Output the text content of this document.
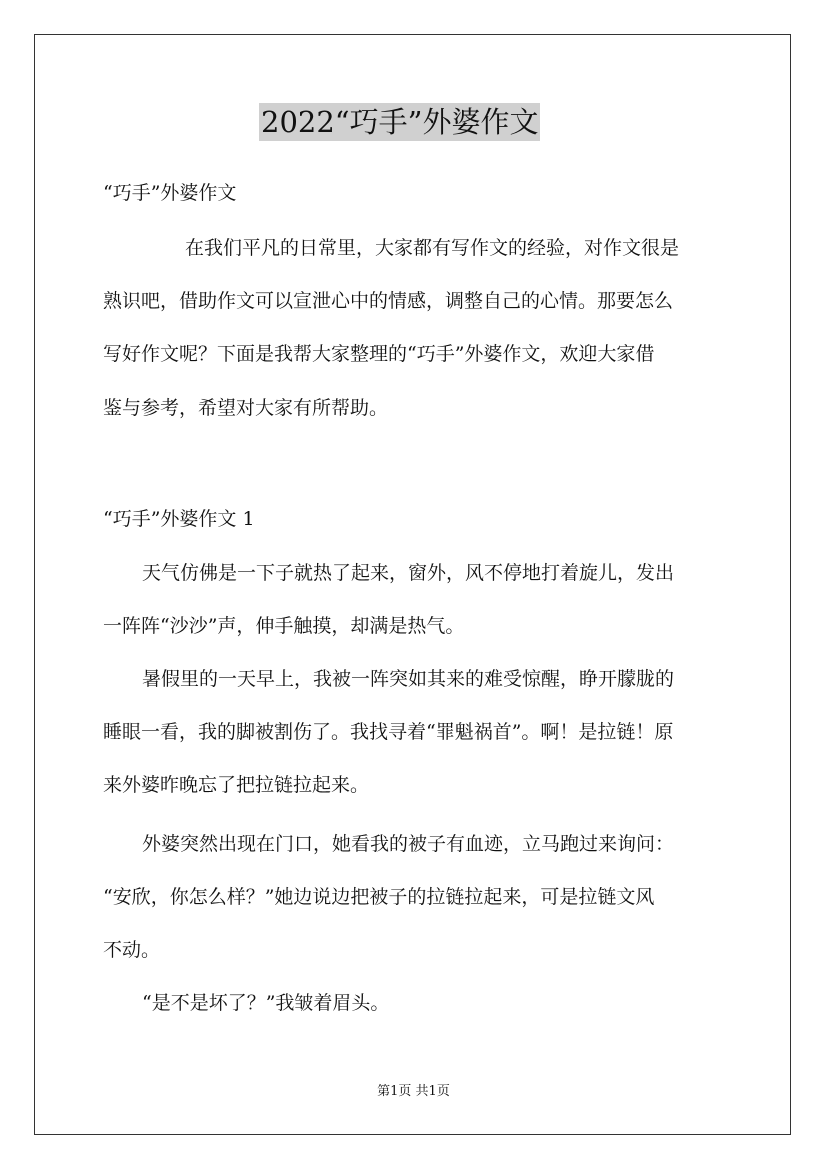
2022“巧手”外婆作文
“巧手”外婆作文
在我们平凡的日常里，大家都有写作文的经验，对作文很是
熟识吧，借助作文可以宣泄心中的情感，调整自己的心情。那要怎么
写好作文呢？下面是我帮大家整理的“巧手”外婆作文，欢迎大家借
鉴与参考，希望对大家有所帮助。
“巧手”外婆作文 1
天气仿佛是一下子就热了起来，窗外，风不停地打着旋儿，发出
一阵阵“沙沙”声，伸手触摸，却满是热气。
暑假里的一天早上，我被一阵突如其来的难受惊醒，睁开朦胧的
睡眼一看，我的脚被割伤了。我找寻着“罪魁祸首”。啊！是拉链！原
来外婆昨晚忘了把拉链拉起来。
外婆突然出现在门口，她看我的被子有血迹，立马跑过来询问：
“安欣，你怎么样？”她边说边把被子的拉链拉起来，可是拉链文风
不动。
“是不是坏了？”我皱着眉头。
第1页 共1页
